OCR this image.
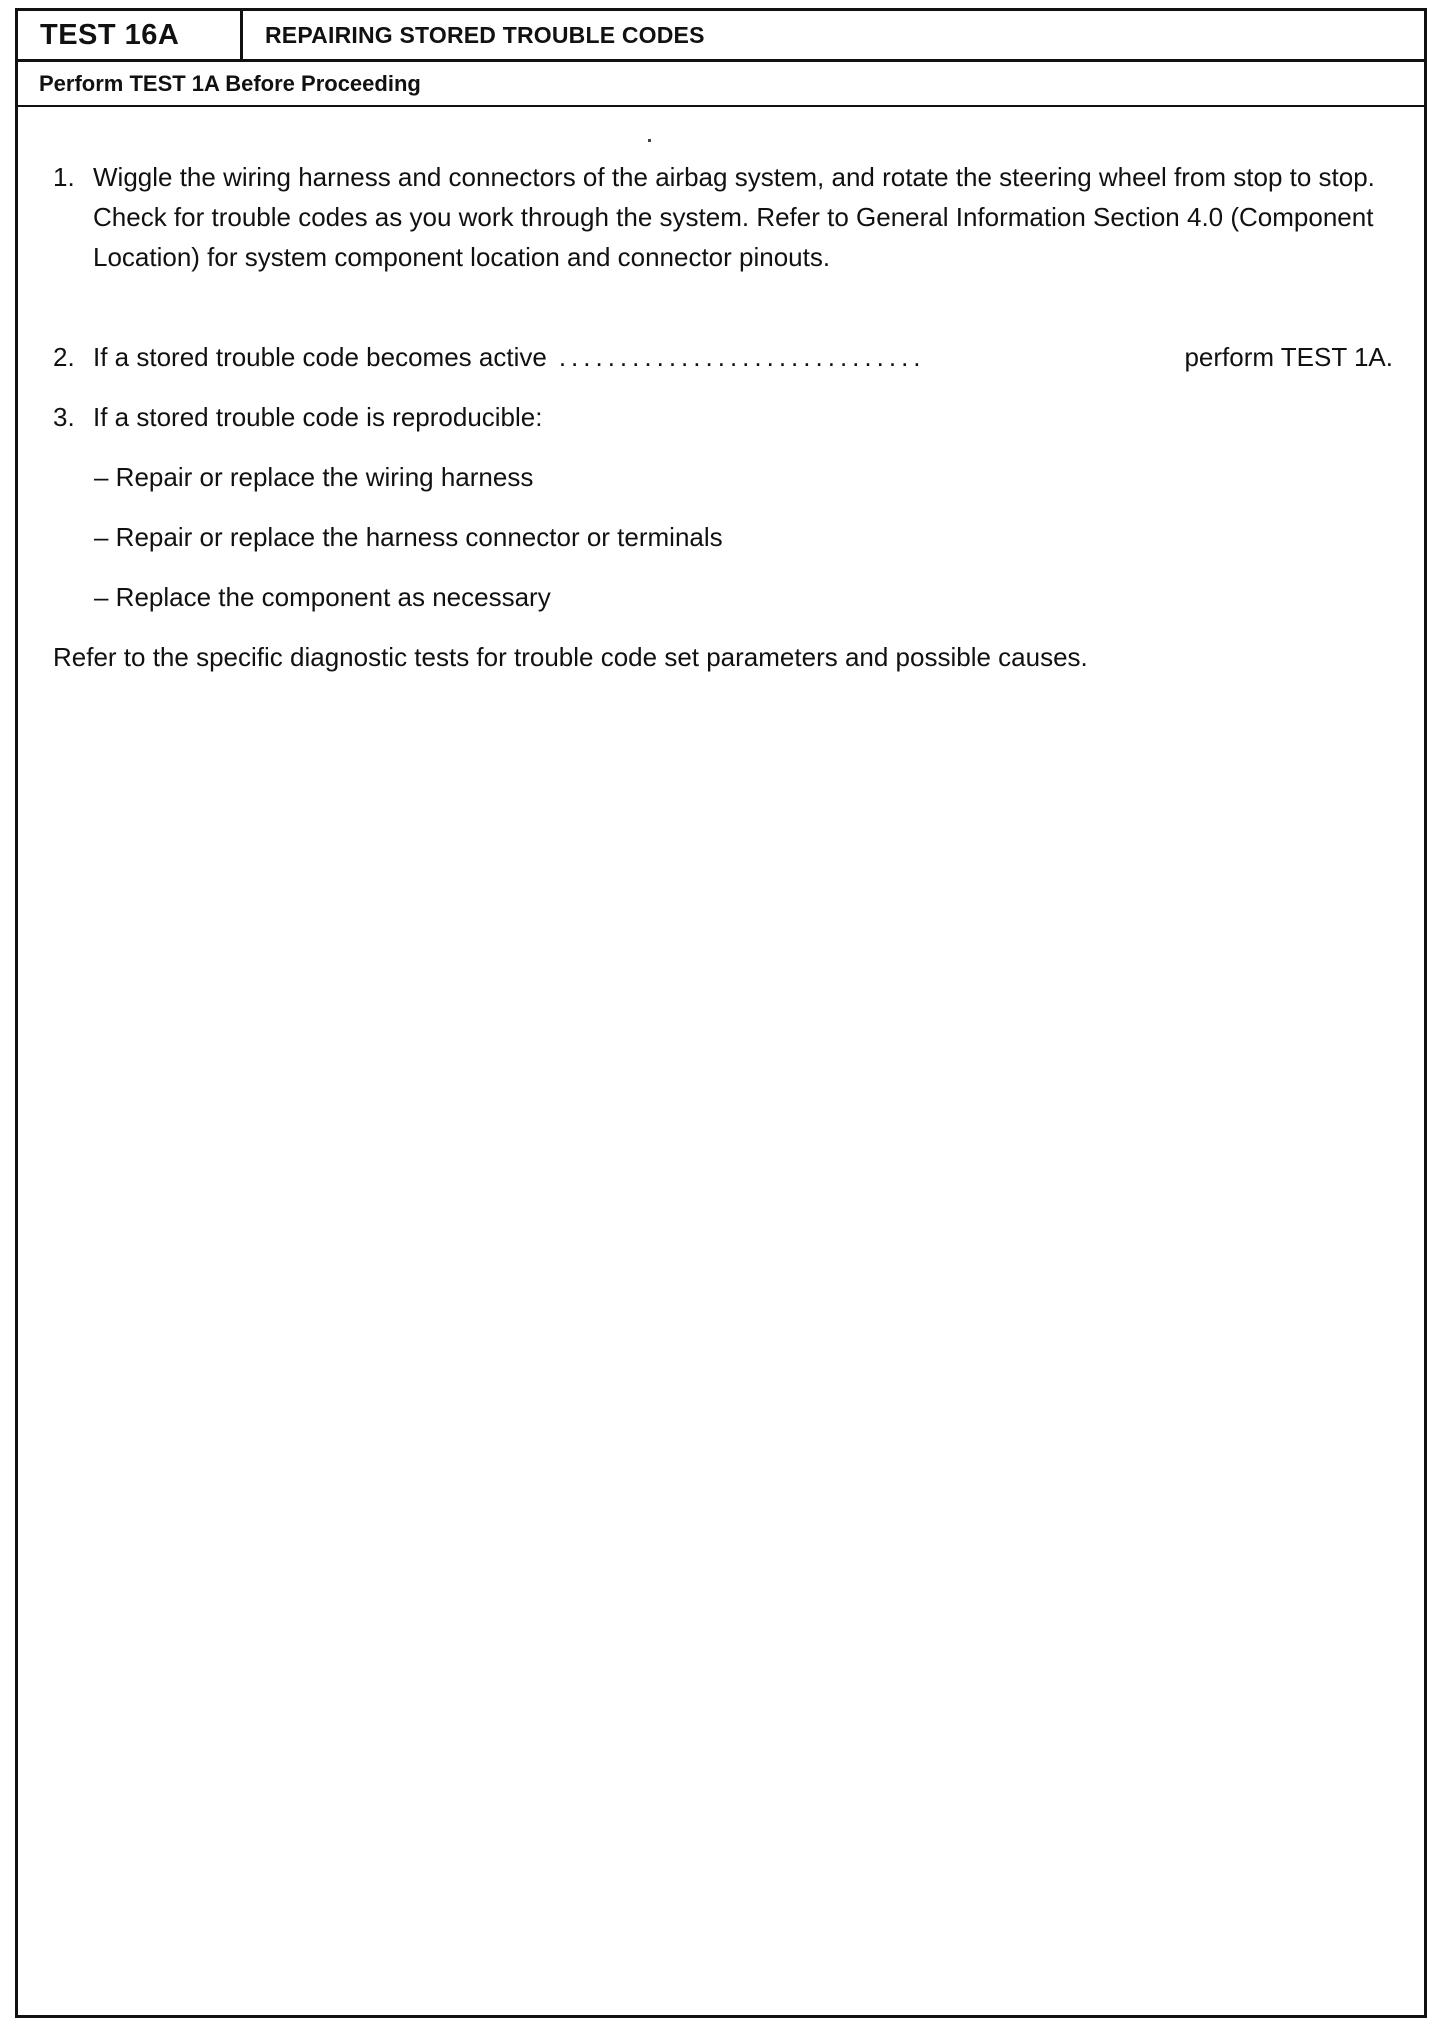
TEST 16A	REPAIRING STORED TROUBLE CODES
Perform TEST 1A Before Proceeding
1. Wiggle the wiring harness and connectors of the airbag system, and rotate the steering wheel from stop to stop. Check for trouble codes as you work through the system. Refer to General Information Section 4.0 (Component Location) for system component location and connector pinouts.
2. If a stored trouble code becomes active ..............................	perform TEST 1A.
3. If a stored trouble code is reproducible:
– Repair or replace the wiring harness
– Repair or replace the harness connector or terminals
– Replace the component as necessary
Refer to the specific diagnostic tests for trouble code set parameters and possible causes.
